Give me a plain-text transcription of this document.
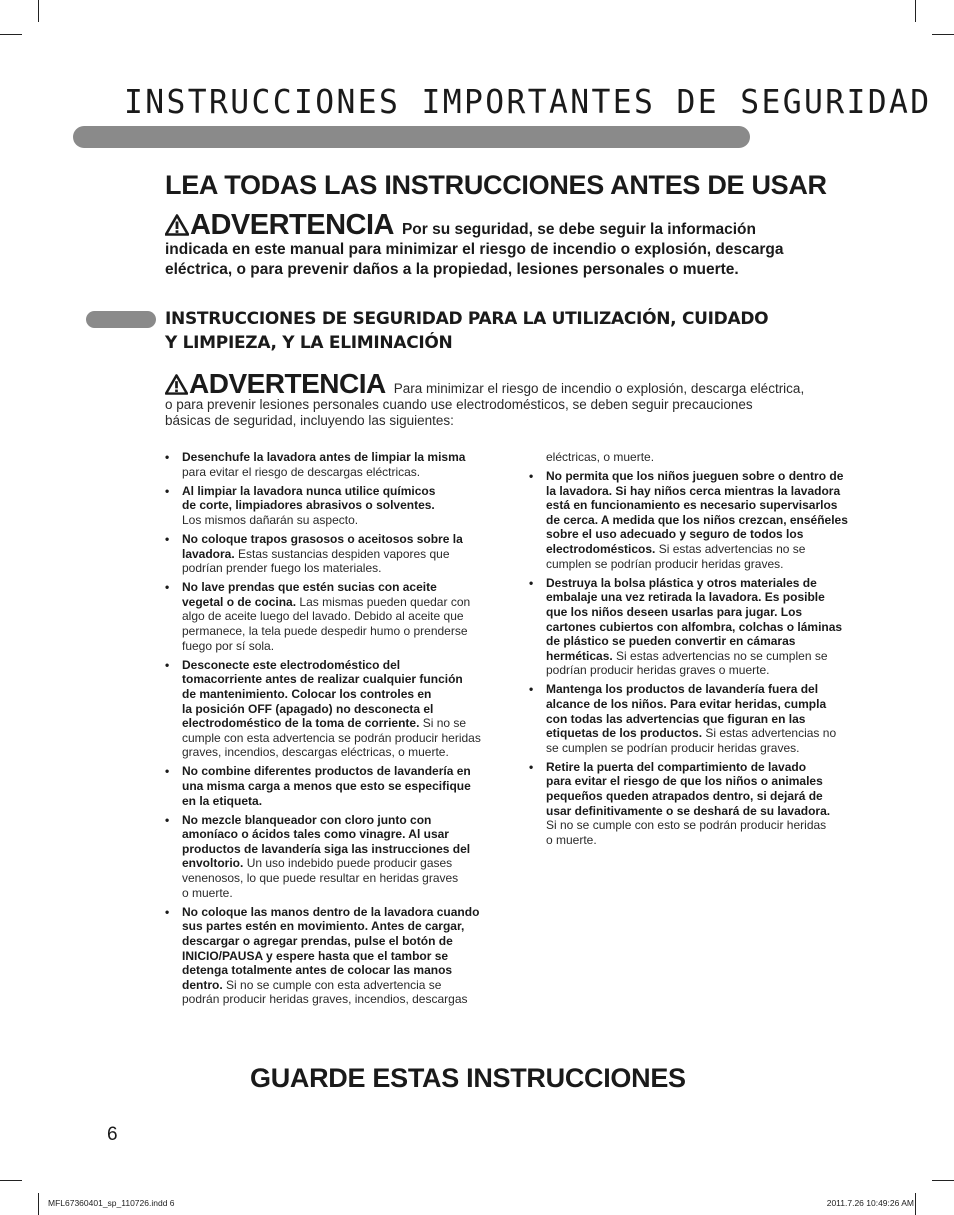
INSTRUCCIONES IMPORTANTES DE SEGURIDAD
LEA TODAS LAS INSTRUCCIONES ANTES DE USAR
ADVERTENCIA Por su seguridad, se debe seguir la información
indicada en este manual para minimizar el riesgo de incendio o explosión, descarga
eléctrica, o para prevenir daños a la propiedad, lesiones personales o muerte.
INSTRUCCIONES DE SEGURIDAD PARA LA UTILIZACIÓN, CUIDADO
Y LIMPIEZA, Y LA ELIMINACIÓN
ADVERTENCIA Para minimizar el riesgo de incendio o explosión, descarga eléctrica,
o para prevenir lesiones personales cuando use electrodomésticos, se deben seguir precauciones
básicas de seguridad, incluyendo las siguientes:
• Desenchufe la lavadora antes de limpiar la misma
para evitar el riesgo de descargas eléctricas.
• Al limpiar la lavadora nunca utilice químicos
de corte, limpiadores abrasivos o solventes.
Los mismos dañarán su aspecto.
• No coloque trapos grasosos o aceitosos sobre la
lavadora. Estas sustancias despiden vapores que
podrían prender fuego los materiales.
• No lave prendas que estén sucias con aceite
vegetal o de cocina. Las mismas pueden quedar con
algo de aceite luego del lavado. Debido al aceite que
permanece, la tela puede despedir humo o prenderse
fuego por sí sola.
• Desconecte este electrodoméstico del
tomacorriente antes de realizar cualquier función
de mantenimiento. Colocar los controles en
la posición OFF (apagado) no desconecta el
electrodoméstico de la toma de corriente. Si no se
cumple con esta advertencia se podrán producir heridas
graves, incendios, descargas eléctricas, o muerte.
• No combine diferentes productos de lavandería en
una misma carga a menos que esto se especifique
en la etiqueta.
• No mezcle blanqueador con cloro junto con
amoníaco o ácidos tales como vinagre. Al usar
productos de lavandería siga las instrucciones del
envoltorio. Un uso indebido puede producir gases
venenosos, lo que puede resultar en heridas graves
o muerte.
• No coloque las manos dentro de la lavadora cuando
sus partes estén en movimiento. Antes de cargar,
descargar o agregar prendas, pulse el botón de
INICIO/PAUSA y espere hasta que el tambor se
detenga totalmente antes de colocar las manos
dentro. Si no se cumple con esta advertencia se
podrán producir heridas graves, incendios, descargas
eléctricas, o muerte.
• No permita que los niños jueguen sobre o dentro de
la lavadora. Si hay niños cerca mientras la lavadora
está en funcionamiento es necesario supervisarlos
de cerca. A medida que los niños crezcan, enséñeles
sobre el uso adecuado y seguro de todos los
electrodomésticos. Si estas advertencias no se
cumplen se podrían producir heridas graves.
• Destruya la bolsa plástica y otros materiales de
embalaje una vez retirada la lavadora. Es posible
que los niños deseen usarlas para jugar. Los
cartones cubiertos con alfombra, colchas o láminas
de plástico se pueden convertir en cámaras
herméticas. Si estas advertencias no se cumplen se
podrían producir heridas graves o muerte.
• Mantenga los productos de lavandería fuera del
alcance de los niños. Para evitar heridas, cumpla
con todas las advertencias que figuran en las
etiquetas de los productos. Si estas advertencias no
se cumplen se podrían producir heridas graves.
• Retire la puerta del compartimiento de lavado
para evitar el riesgo de que los niños o animales
pequeños queden atrapados dentro, si dejará de
usar definitivamente o se deshará de su lavadora.
Si no se cumple con esto se podrán producir heridas
o muerte.
GUARDE ESTAS INSTRUCCIONES
6
MFL67360401_sp_110726.indd 6	2011.7.26 10:49:26 AM
